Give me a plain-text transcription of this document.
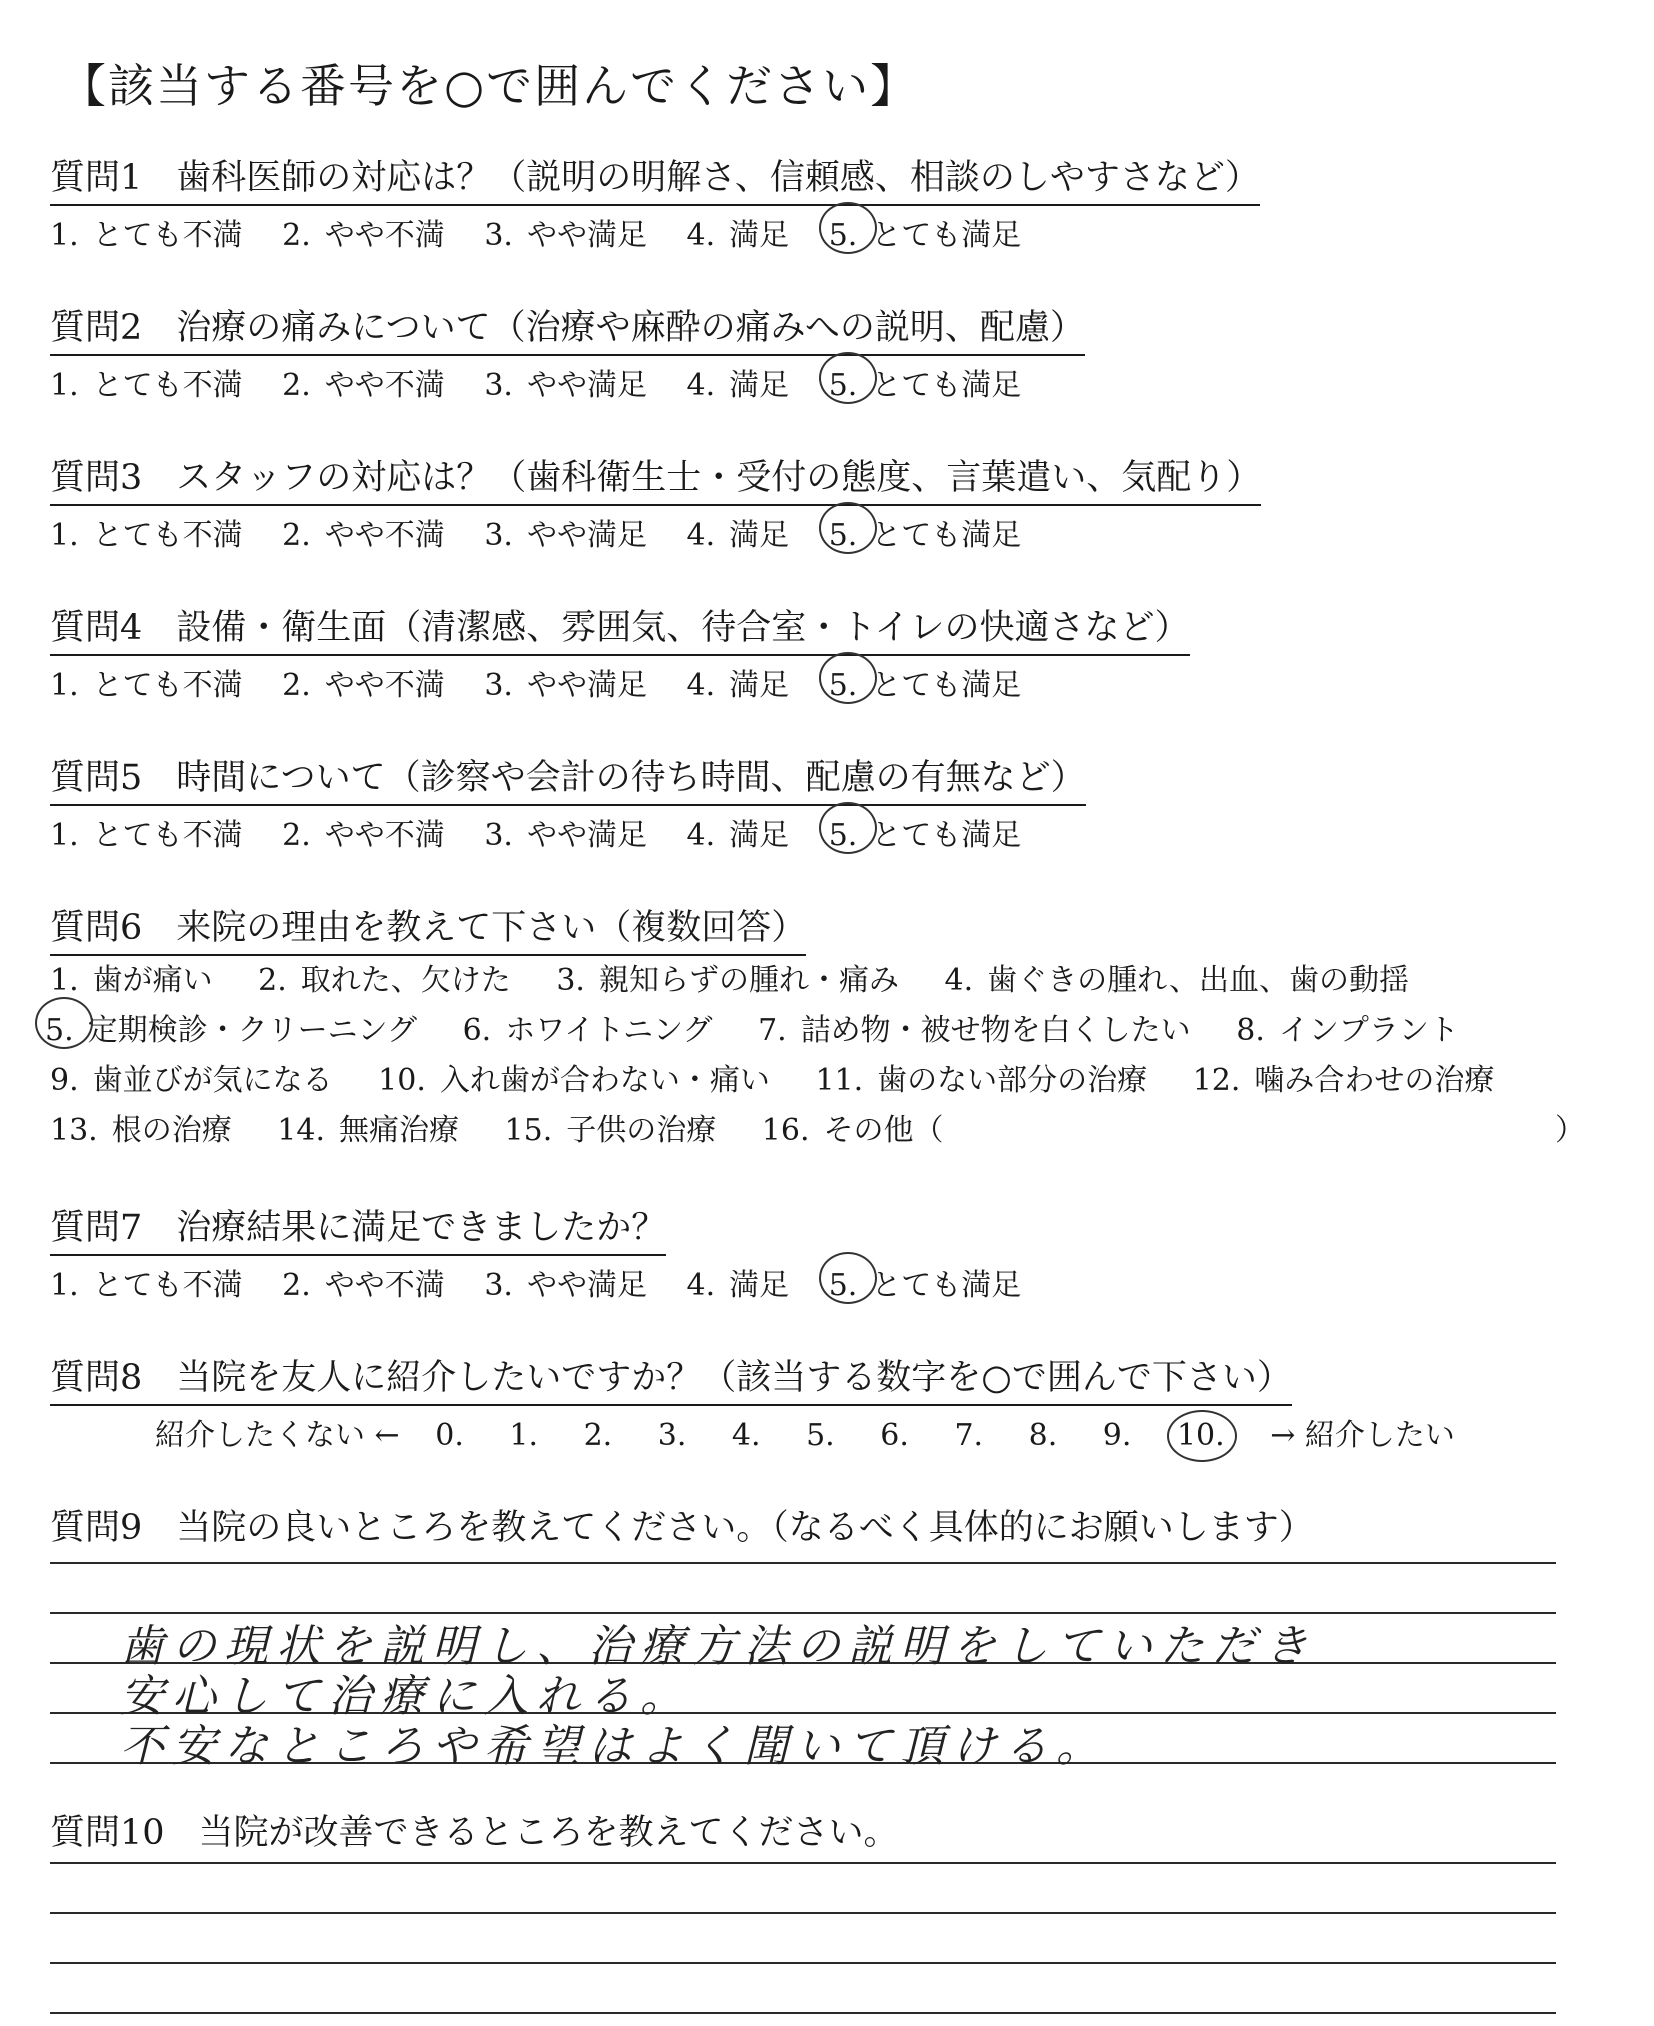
【該当する番号を○で囲んでください】
質問1 歯科医師の対応は？（説明の明解さ、信頼感、相談のしやすさなど）
1. とても不満 2. やや不満 3. やや満足 4. 満足 5. とても満足
質問2 治療の痛みについて（治療や麻酔の痛みへの説明、配慮）
1. とても不満 2. やや不満 3. やや満足 4. 満足 5. とても満足
質問3 スタッフの対応は？（歯科衛生士・受付の態度、言葉遣い、気配り）
1. とても不満 2. やや不満 3. やや満足 4. 満足 5. とても満足
質問4 設備・衛生面（清潔感、雰囲気、待合室・トイレの快適さなど）
1. とても不満 2. やや不満 3. やや満足 4. 満足 5. とても満足
質問5 時間について（診察や会計の待ち時間、配慮の有無など）
1. とても不満 2. やや不満 3. やや満足 4. 満足 5. とても満足
質問6 来院の理由を教えて下さい（複数回答）
1. 歯が痛い 2. 取れた、欠けた 3. 親知らずの腫れ・痛み 4. 歯ぐきの腫れ、出血、歯の動揺
5. 定期検診・クリーニング 6. ホワイトニング 7. 詰め物・被せ物を白くしたい 8. インプラント
9. 歯並びが気になる 10. 入れ歯が合わない・痛い 11. 歯のない部分の治療 12. 噛み合わせの治療
13. 根の治療 14. 無痛治療 15. 子供の治療 16. その他（	）
質問7 治療結果に満足できましたか？
1. とても不満 2. やや不満 3. やや満足 4. 満足 5. とても満足
質問8 当院を友人に紹介したいですか？（該当する数字を○で囲んで下さい）
紹介したくない ← 0. 1. 2. 3. 4. 5. 6. 7. 8. 9. 10. → 紹介したい
質問9 当院の良いところを教えてください。（なるべく具体的にお願いします）
歯の現状を説明し、治療方法の説明をしていただき
安心して治療に入れる。
不安なところや希望はよく聞いて頂ける。
質問10 当院が改善できるところを教えてください。
